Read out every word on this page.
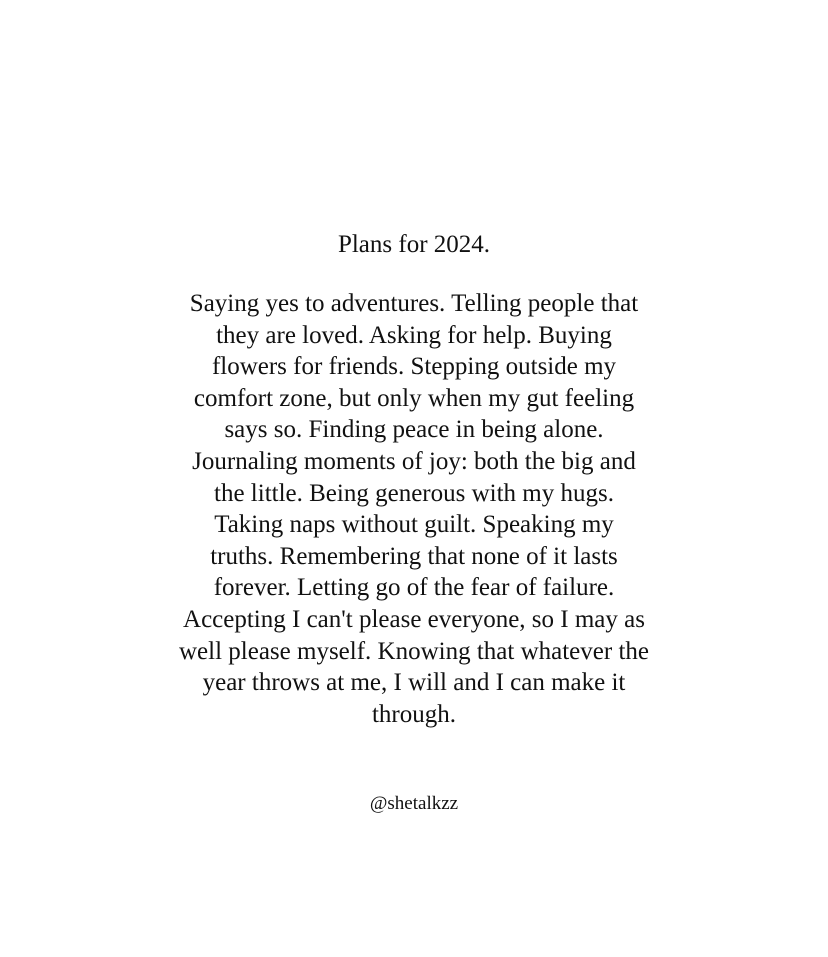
Plans for 2024.

Saying yes to adventures. Telling people that
they are loved. Asking for help. Buying
flowers for friends. Stepping outside my
comfort zone, but only when my gut feeling
says so. Finding peace in being alone.
Journaling moments of joy: both the big and
the little. Being generous with my hugs.
Taking naps without guilt. Speaking my
truths. Remembering that none of it lasts
forever. Letting go of the fear of failure.
Accepting I can't please everyone, so I may as
well please myself. Knowing that whatever the
year throws at me, I will and I can make it
through.

@shetalkzz
